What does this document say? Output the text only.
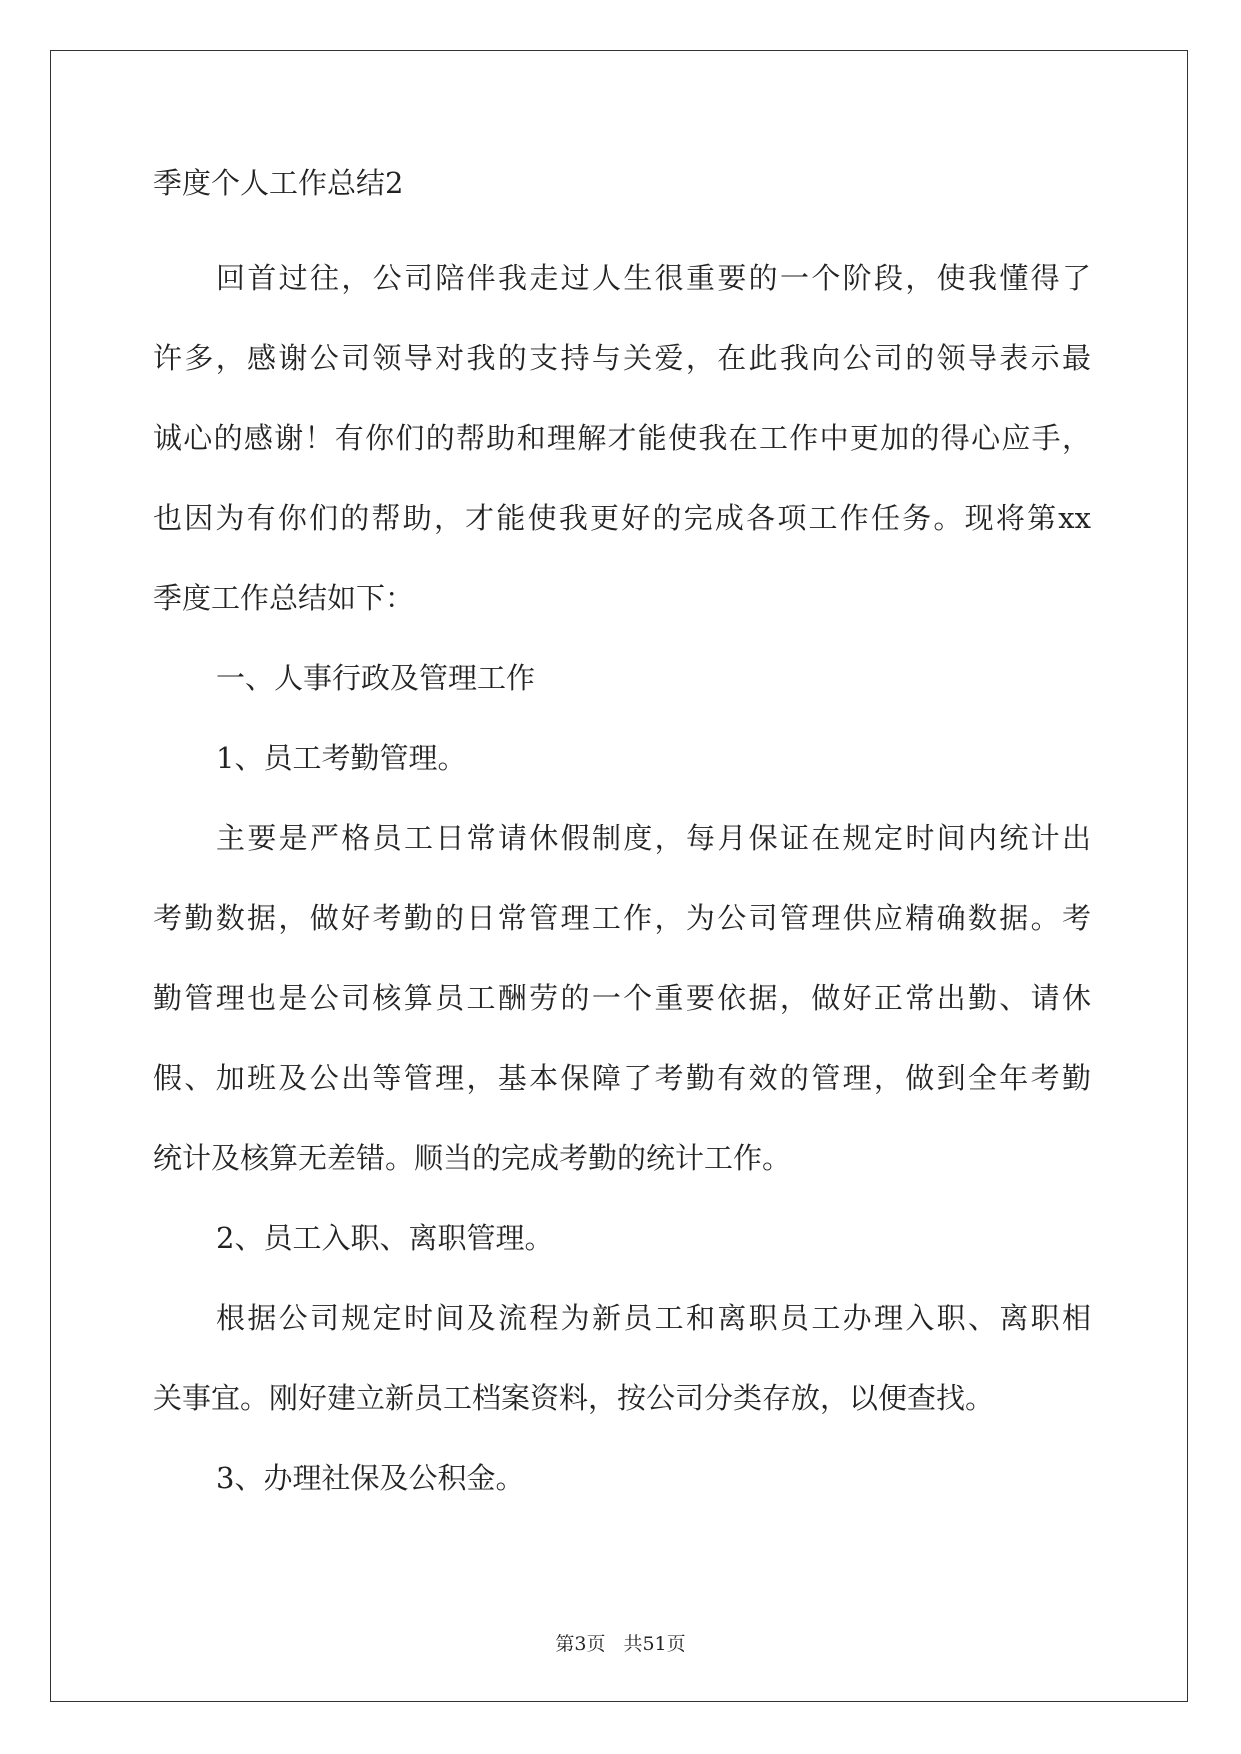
季度个人工作总结2

回首过往，公司陪伴我走过人生很重要的一个阶段，使我懂得了

许多，感谢公司领导对我的支持与关爱，在此我向公司的领导表示最

诚心的感谢！有你们的帮助和理解才能使我在工作中更加的得心应手，

也因为有你们的帮助，才能使我更好的完成各项工作任务。现将第xx

季度工作总结如下：

一、人事行政及管理工作

1、员工考勤管理。

主要是严格员工日常请休假制度，每月保证在规定时间内统计出

考勤数据，做好考勤的日常管理工作，为公司管理供应精确数据。考

勤管理也是公司核算员工酬劳的一个重要依据，做好正常出勤、请休

假、加班及公出等管理，基本保障了考勤有效的管理，做到全年考勤

统计及核算无差错。顺当的完成考勤的统计工作。

2、员工入职、离职管理。

根据公司规定时间及流程为新员工和离职员工办理入职、离职相

关事宜。刚好建立新员工档案资料，按公司分类存放，以便查找。

3、办理社保及公积金。

第3页 共51页
